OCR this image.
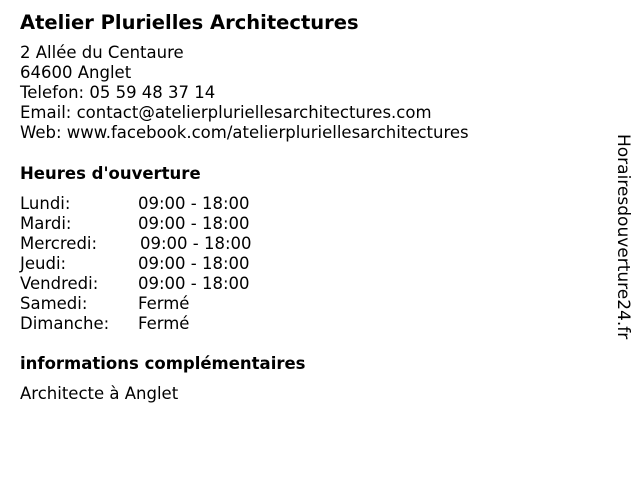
Atelier Plurielles Architectures
2 Allée du Centaure
64600 Anglet
Telefon: 05 59 48 37 14
Email: contact@atelierpluriellesarchitectures.com
Web: www.facebook.com/atelierpluriellesarchitectures
Heures d'ouverture
Lundi:	09:00 - 18:00
Mardi:	09:00 - 18:00
Mercredi:	09:00 - 18:00
Jeudi:	09:00 - 18:00
Vendredi: 09:00 - 18:00
Samedi:	Fermé
Dimanche: Fermé
informations complémentaires
Architecte à Anglet
Horairesdouverture24.fr
